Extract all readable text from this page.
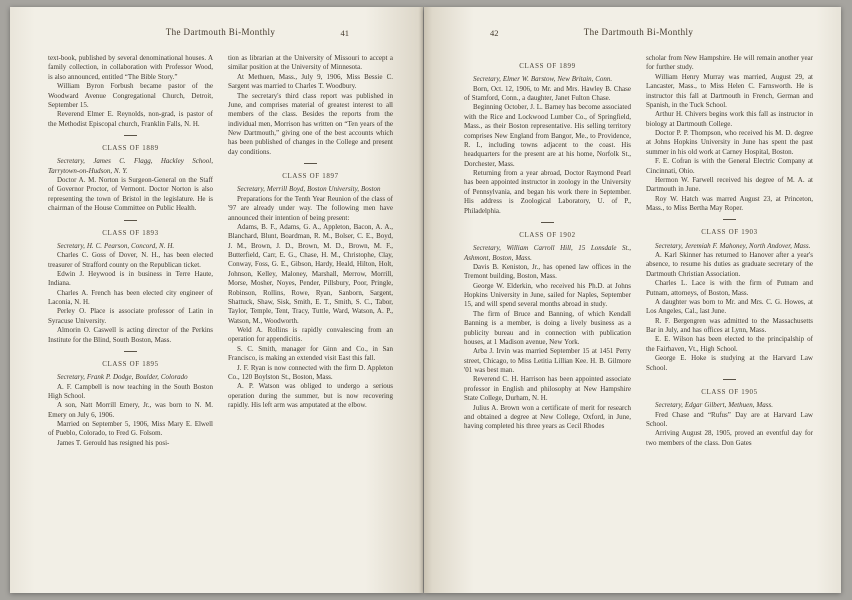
The Dartmouth Bi-Monthly	41
text-book, published by several denominational houses. A family collection, in collaboration with Professor Wood, is also announced, entitled “The Bible Story.”
William Byron Forbush became pastor of the Woodward Avenue Congregational Church, Detroit, September 15.
Reverend Elmer E. Reynolds, non-grad, is pastor of the Methodist Episcopal church, Franklin Falls, N. H.
CLASS OF 1889
Secretary, James C. Flagg, Hackley School, Tarrytown-on-Hudson, N. Y.
Doctor A. M. Norton is Surgeon-General on the Staff of Governor Proctor, of Vermont. Doctor Norton is also representing the town of Bristol in the legislature. He is chairman of the House Committee on Public Health.
CLASS OF 1893
Secretary, H. C. Pearson, Concord, N. H.
Charles C. Goss of Dover, N. H., has been elected treasurer of Strafford county on the Republican ticket.
Edwin J. Heywood is in business in Terre Haute, Indiana.
Charles A. French has been elected city engineer of Laconia, N. H.
Perley O. Place is associate professor of Latin in Syracuse University.
Almorin O. Caswell is acting director of the Perkins Institute for the Blind, South Boston, Mass.
CLASS OF 1895
Secretary, Frank P. Dodge, Boulder, Colorado
A. F. Campbell is now teaching in the South Boston High School.
A son, Natt Morrill Emery, Jr., was born to N. M. Emery on July 6, 1906.
Married on September 5, 1906, Miss Mary E. Elwell of Pueblo, Colorado, to Fred G. Folsom.
James T. Gerould has resigned his posi-
tion as librarian at the University of Missouri to accept a similar position at the University of Minnesota.
At Methuen, Mass., July 9, 1906, Miss Bessie C. Sargent was married to Charles T. Woodbury.
The secretary's third class report was published in June, and comprises material of greatest interest to all members of the class. Besides the reports from the individual men, Morrison has written on “Ten years of the New Dartmouth,” giving one of the best accounts which has been published of changes in the College and present day conditions.
CLASS OF 1897
Secretary, Merrill Boyd, Boston University, Boston
Preparations for the Tenth Year Reunion of the class of '97 are already under way. The following men have announced their intention of being present:
Adams, B. F., Adams, G. A., Appleton, Bacon, A. A., Blanchard, Blunt, Boardman, R. M., Bolser, C. E., Boyd, J. M., Brown, J. D., Brown, M. D., Brown, M. F., Butterfield, Carr, E. G., Chase, H. M., Christophe, Clay, Conway, Foss, G. E., Gibson, Hardy, Heald, Hilton, Holt, Johnson, Kelley, Maloney, Marshall, Merrow, Morrill, Morse, Mosher, Noyes, Pender, Pillsbury, Poor, Pringle, Robinson, Rollins, Rowe, Ryan, Sanborn, Sargent, Shattuck, Shaw, Sisk, Smith, E. T., Smith, S. C., Tabor, Taylor, Temple, Tent, Tracy, Tuttle, Ward, Watson, A. P., Watson, M., Woodworth.
Weld A. Rollins is rapidly convalescing from an operation for appendicitis.
S. C. Smith, manager for Ginn and Co., in San Francisco, is making an extended visit East this fall.
J. F. Ryan is now connected with the firm D. Appleton Co., 120 Boylston St., Boston, Mass.
A. P. Watson was obliged to undergo a serious operation during the summer, but is now recovering rapidly. His left arm was amputated at the elbow.
The Dartmouth Bi-Monthly
42
CLASS OF 1899
Secretary, Elmer W. Barstow, New Britain, Conn.
Born, Oct. 12, 1906, to Mr. and Mrs. Hawley B. Chase of Stamford, Conn., a daughter, Janet Fulton Chase.
Beginning October, J. L. Barney has become associated with the Rice and Lockwood Lumber Co., of Springfield, Mass., as their Boston representative. His selling territory comprises New England from Bangor, Me., to Providence, R. I., including towns adjacent to the coast. His headquarters for the present are at his home, Norfolk St., Dorchester, Mass.
Returning from a year abroad, Doctor Raymond Pearl has been appointed instructor in zoology in the University of Pennsylvania, and began his work there in September. His address is Zoological Laboratory, U. of P., Philadelphia.
CLASS OF 1902
Secretary, William Carroll Hill, 15 Lonsdale St., Ashmont, Boston, Mass.
Davis B. Keniston, Jr., has opened law offices in the Tremont building, Boston, Mass.
George W. Elderkin, who received his Ph.D. at Johns Hopkins University in June, sailed for Naples, September 15, and will spend several months abroad in study.
The firm of Bruce and Banning, of which Kendall Banning is a member, is doing a lively business as a publicity bureau and in connection with publication houses, at 1 Madison avenue, New York.
Arba J. Irvin was married September 15 at 1451 Perry street, Chicago, to Miss Letitia Lillian Kee. H. B. Gilmore '01 was best man.
Reverend C. H. Harrison has been appointed associate professor in English and philosophy at New Hampshire State College, Durham, N. H.
Julius A. Brown won a certificate of merit for research and obtained a degree at New College, Oxford, in June, having completed his three years as Cecil Rhodes
scholar from New Hampshire. He will remain another year for further study.
William Henry Murray was married, August 29, at Lancaster, Mass., to Miss Helen C. Farnsworth. He is instructor this fall at Dartmouth in French, German and Spanish, in the Tuck School.
Arthur H. Chivers begins work this fall as instructor in biology at Dartmouth College.
Doctor P. P. Thompson, who received his M. D. degree at Johns Hopkins University in June has spent the past summer in his old work at Carney Hospital, Boston.
F. E. Cofran is with the General Electric Company at Cincinnati, Ohio.
Hermon W. Farwell received his degree of M. A. at Dartmouth in June.
Roy W. Hatch was marred August 23, at Princeton, Mass., to Miss Bertha May Roper.
CLASS OF 1903
Secretary, Jeremiah F. Mahoney, North Andover, Mass.
A. Karl Skinner has returned to Hanover after a year's absence, to resume his duties as graduate secretary of the Dartmouth Christian Association.
Charles L. Lace is with the firm of Putnam and Putnam, attorneys, of Boston, Mass.
A daughter was born to Mr. and Mrs. C. G. Howes, at Los Angeles, Cal., last June.
R. F. Bergengren was admitted to the Massachusetts Bar in July, and has offices at Lynn, Mass.
E. E. Wilson has been elected to the principalship of the Fairhaven, Vt., High School.
George E. Hoke is studying at the Harvard Law School.
CLASS OF 1905
Secretary, Edgar Gilbert, Methuen, Mass.
Fred Chase and “Rufus” Day are at Harvard Law School.
Arriving August 28, 1905, proved an eventful day for two members of the class. Don Gates
